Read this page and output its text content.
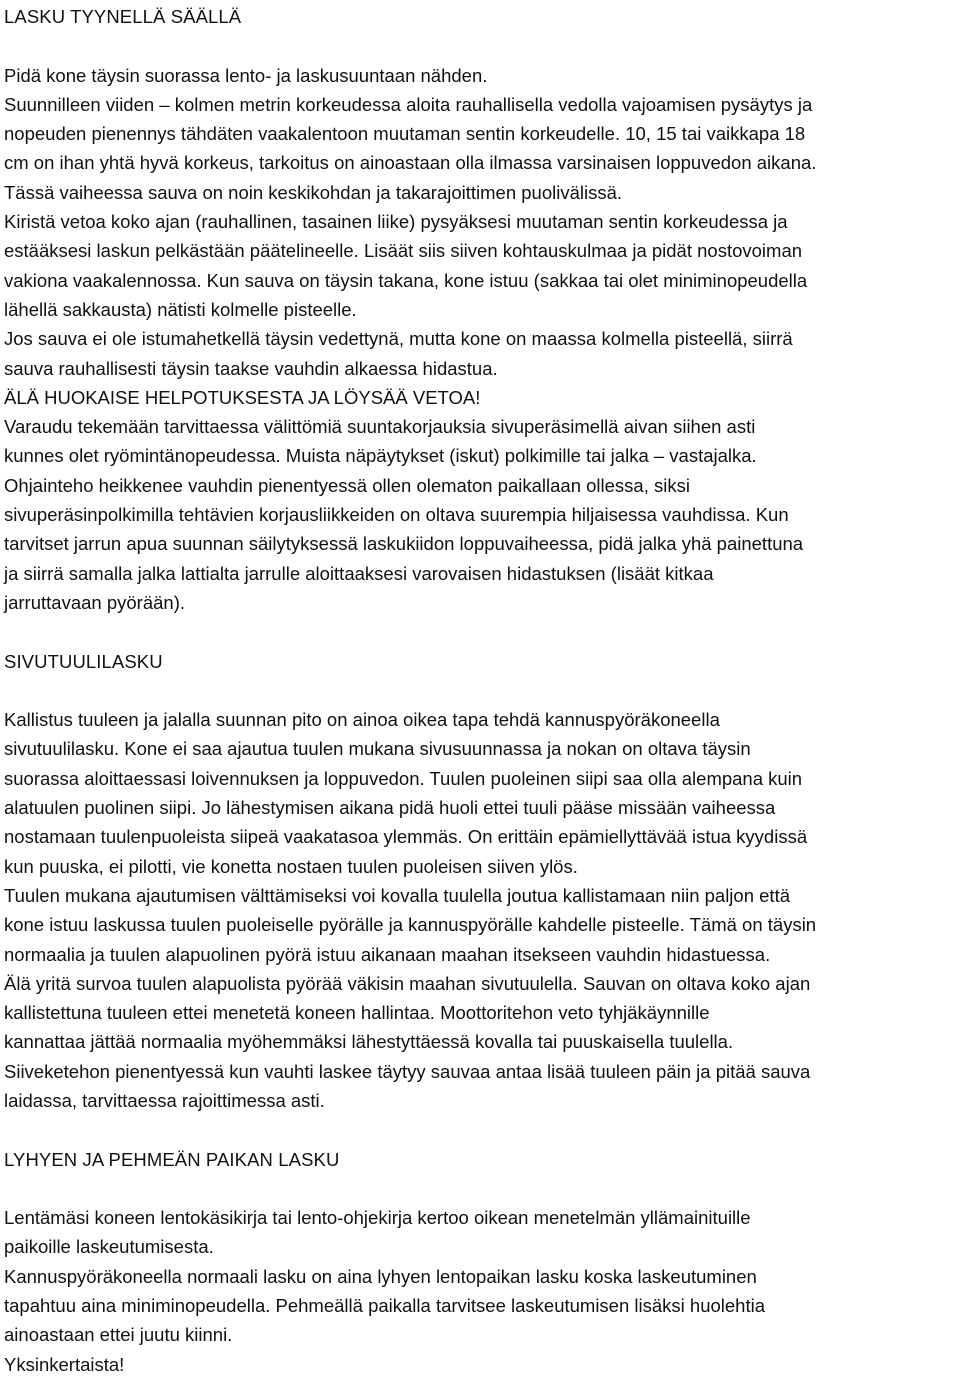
LASKU TYYNELLÄ SÄÄLLÄ

Pidä kone täysin suorassa lento- ja laskusuuntaan nähden.

Suunnilleen viiden – kolmen metrin korkeudessa aloita rauhallisella vedolla vajoamisen pysäytys ja

nopeuden pienennys tähdäten vaakalentoon muutaman sentin korkeudelle. 10, 15 tai vaikkapa 18

cm on ihan yhtä hyvä korkeus, tarkoitus on ainoastaan olla ilmassa varsinaisen loppuvedon aikana.

Tässä vaiheessa sauva on noin keskikohdan ja takarajoittimen puolivälissä.

Kiristä vetoa koko ajan (rauhallinen, tasainen liike) pysyäksesi muutaman sentin korkeudessa ja

estääksesi laskun pelkästään päätelineelle. Lisäät siis siiven kohtauskulmaa ja pidät nostovoiman

vakiona vaakalennossa. Kun sauva on täysin takana, kone istuu (sakkaa tai olet miniminopeudella

lähellä sakkausta) nätisti kolmelle pisteelle.

Jos sauva ei ole istumahetkellä täysin vedettynä, mutta kone on maassa kolmella pisteellä, siirrä

sauva rauhallisesti täysin taakse vauhdin alkaessa hidastua.

ÄLÄ HUOKAISE HELPOTUKSESTA JA LÖYSÄÄ VETOA!

Varaudu tekemään tarvittaessa välittömiä suuntakorjauksia sivuperäsimellä aivan siihen asti

kunnes olet ryömintänopeudessa. Muista näpäytykset (iskut) polkimille tai jalka – vastajalka.

Ohjainteho heikkenee vauhdin pienentyessä ollen olematon paikallaan ollessa, siksi

sivuperäsinpolkimilla tehtävien korjausliikkeiden on oltava suurempia hiljaisessa vauhdissa. Kun

tarvitset jarrun apua suunnan säilytyksessä laskukiidon loppuvaiheessa, pidä jalka yhä painettuna

ja siirrä samalla jalka lattialta jarrulle aloittaaksesi varovaisen hidastuksen (lisäät kitkaa

jarruttavaan pyörään).

SIVUTUULILASKU

Kallistus tuuleen ja jalalla suunnan pito on ainoa oikea tapa tehdä kannuspyöräkoneella

sivutuulilasku. Kone ei saa ajautua tuulen mukana sivusuunnassa ja nokan on oltava täysin

suorassa aloittaessasi loivennuksen ja loppuvedon. Tuulen puoleinen siipi saa olla alempana kuin

alatuulen puolinen siipi. Jo lähestymisen aikana pidä huoli ettei tuuli pääse missään vaiheessa

nostamaan tuulenpuoleista siipeä vaakatasoa ylemmäs. On erittäin epämiellyttävää istua kyydissä

kun puuska, ei pilotti, vie konetta nostaen tuulen puoleisen siiven ylös.

Tuulen mukana ajautumisen välttämiseksi voi kovalla tuulella joutua kallistamaan niin paljon että

kone istuu laskussa tuulen puoleiselle pyörälle ja kannuspyörälle kahdelle pisteelle. Tämä on täysin

normaalia ja tuulen alapuolinen pyörä istuu aikanaan maahan itsekseen vauhdin hidastuessa.

Älä yritä survoa tuulen alapuolista pyörää väkisin maahan sivutuulella. Sauvan on oltava koko ajan

kallistettuna tuuleen ettei menetetä koneen hallintaa. Moottoritehon veto tyhjäkäynnille

kannattaa jättää normaalia myöhemmäksi lähestyttäessä kovalla tai puuskaisella tuulella.

Siiveketehon pienentyessä kun vauhti laskee täytyy sauvaa antaa lisää tuuleen päin ja pitää sauva

laidassa, tarvittaessa rajoittimessa asti.

LYHYEN JA PEHMEÄN PAIKAN LASKU

Lentämäsi koneen lentokäsikirja tai lento-ohjekirja kertoo oikean menetelmän yllämainituille

paikoille laskeutumisesta.

Kannuspyöräkoneella normaali lasku on aina lyhyen lentopaikan lasku koska laskeutuminen

tapahtuu aina miniminopeudella. Pehmeällä paikalla tarvitsee laskeutumisen lisäksi huolehtia

ainoastaan ettei juutu kiinni.

Yksinkertaista!
